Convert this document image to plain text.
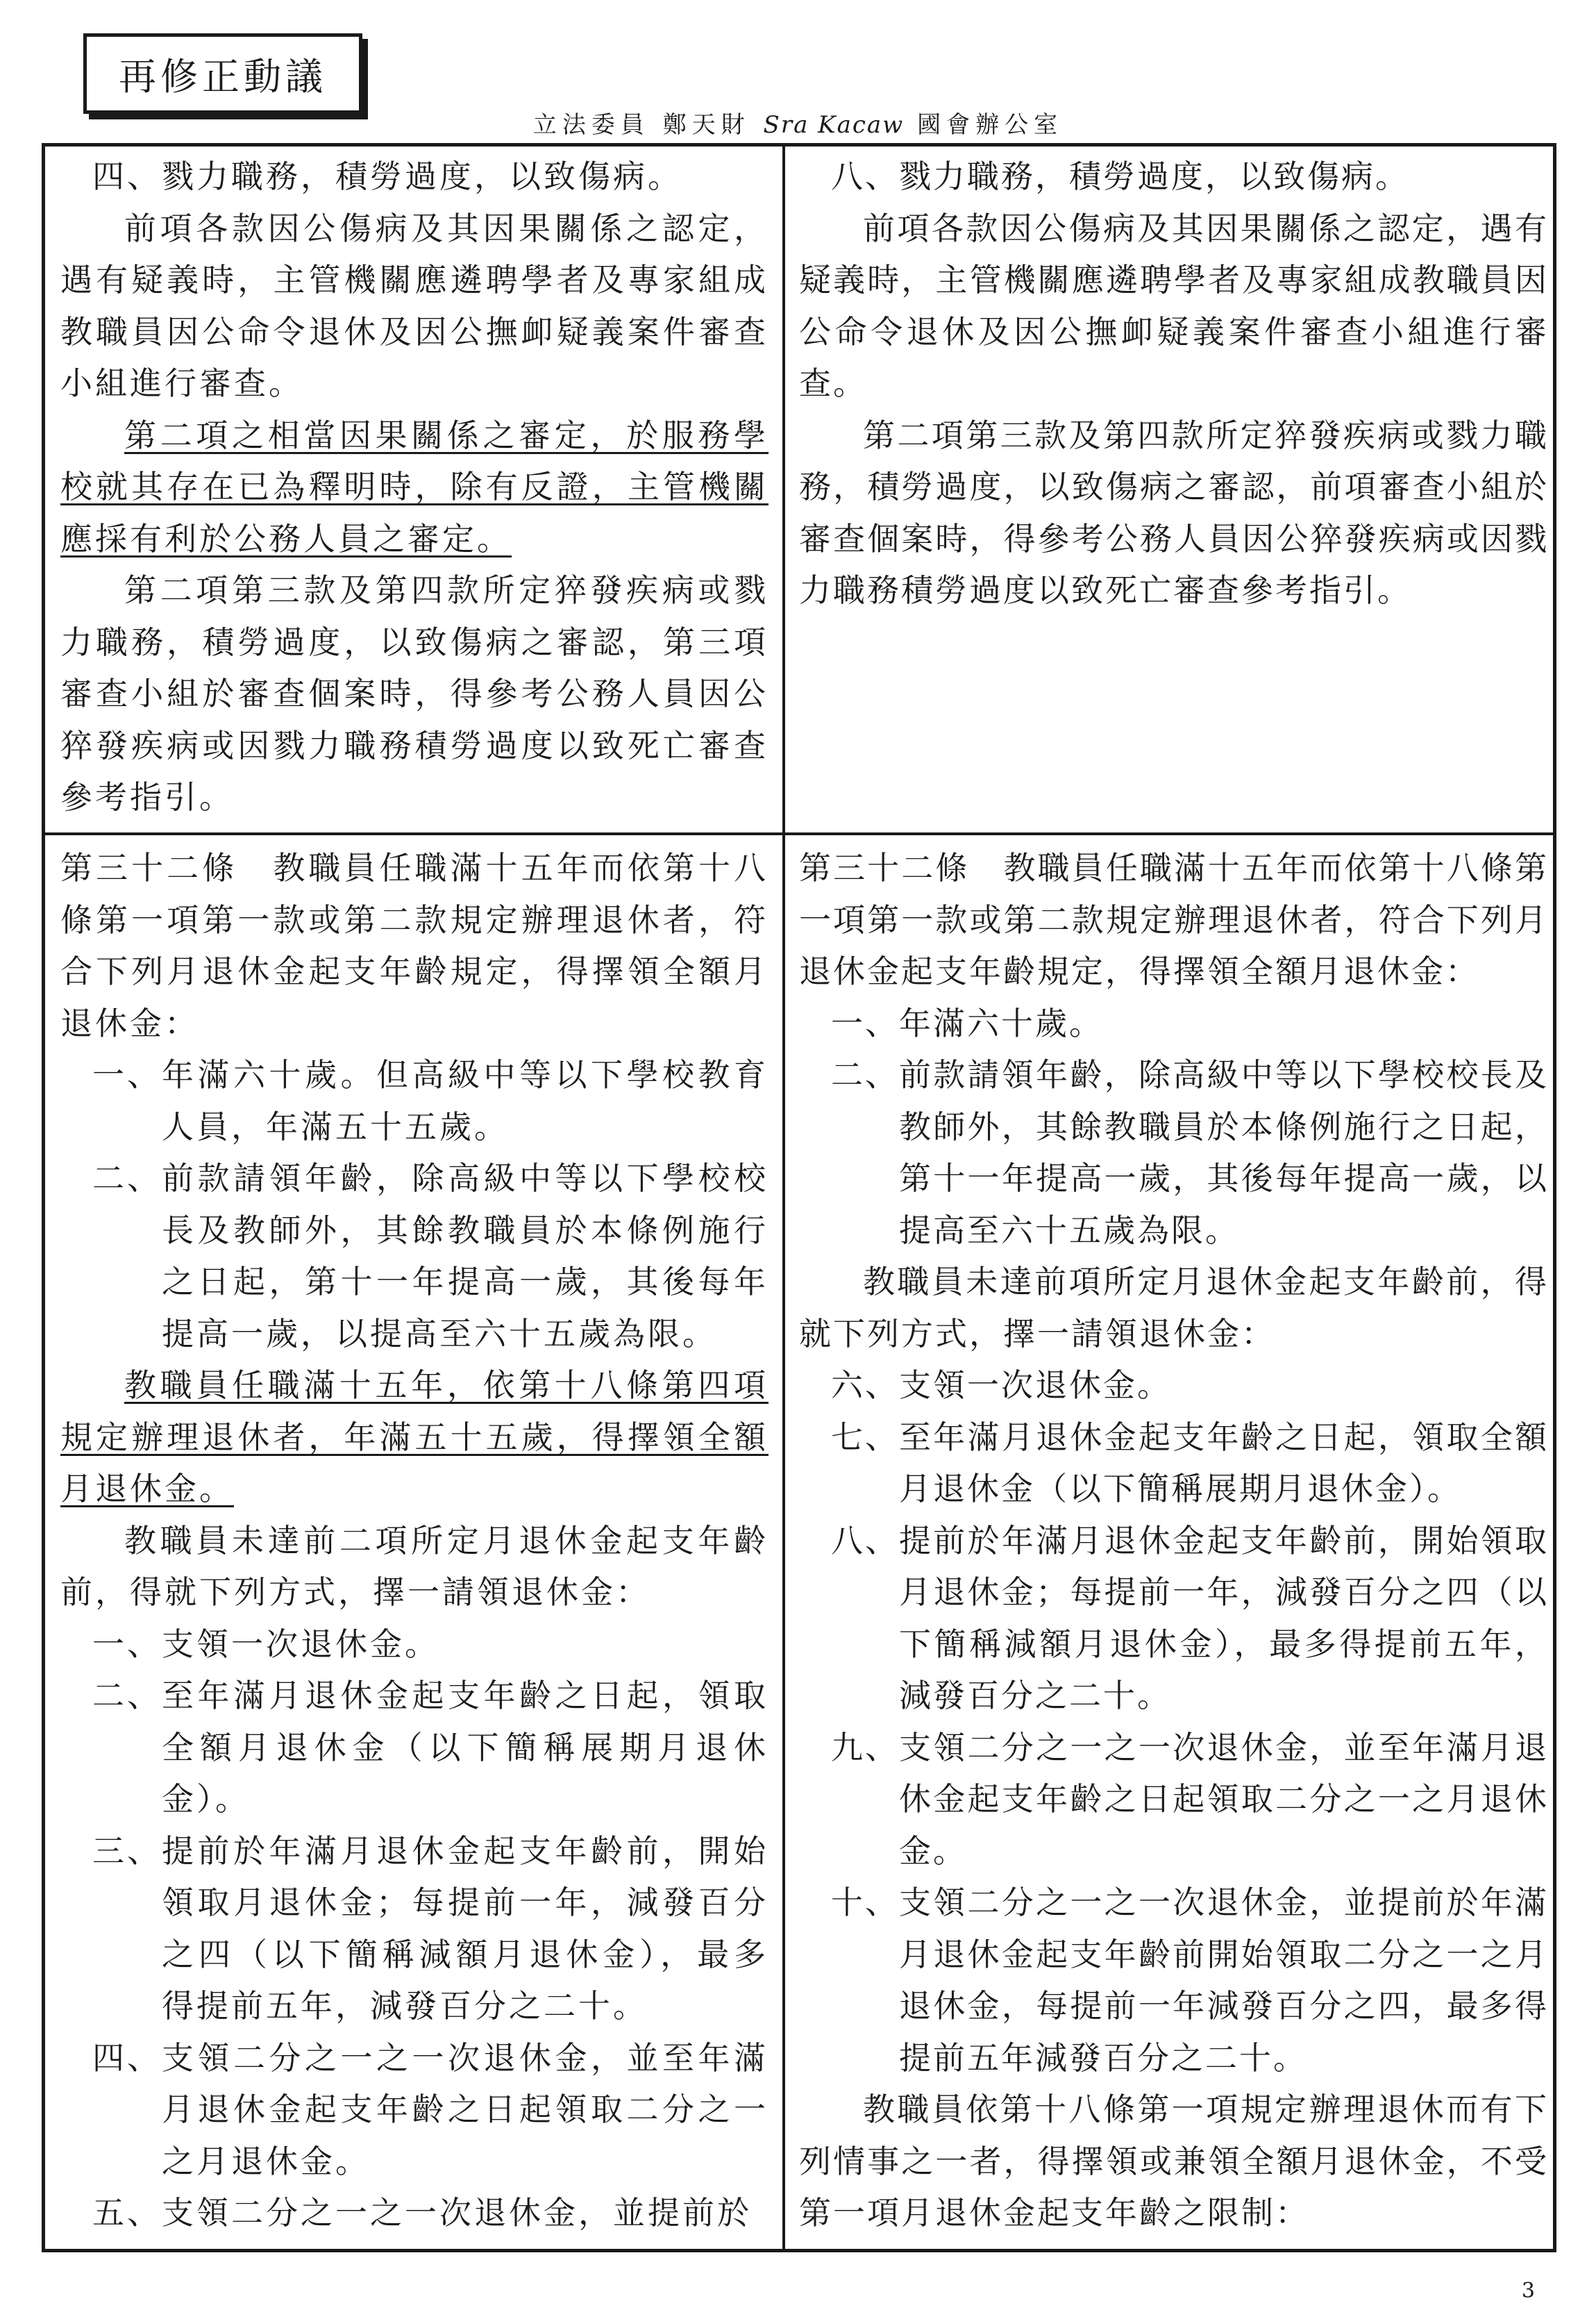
再修正動議
立法委員 鄭天財 Sra Kacaw 國會辦公室
四、 戮力職務，積勞過度，以致傷病。

前項各款因公傷病及其因果關係之認定，遇有疑義時，主管機關應遴聘學者及專家組成教職員因公命令退休及因公撫卹疑義案件審查小組進行審查。

第二項之相當因果關係之審定，於服務學校就其存在已為釋明時，除有反證，主管機關應採有利於公務人員之審定。

第二項第三款及第四款所定猝發疾病或戮力職務，積勞過度，以致傷病之審認，第三項審查小組於審查個案時，得參考公務人員因公猝發疾病或因戮力職務積勞過度以致死亡審查參考指引。

八、 戮力職務，積勞過度，以致傷病。

前項各款因公傷病及其因果關係之認定，遇有疑義時，主管機關應遴聘學者及專家組成教職員因公命令退休及因公撫卹疑義案件審查小組進行審查。

第二項第三款及第四款所定猝發疾病或戮力職務，積勞過度，以致傷病之審認，前項審查小組於審查個案時，得參考公務人員因公猝發疾病或因戮力職務積勞過度以致死亡審查參考指引。

第三十二條　教職員任職滿十五年而依第十八條第一項第一款或第二款規定辦理退休者，符合下列月退休金起支年齡規定，得擇領全額月退休金：

一、 年滿六十歲。但高級中等以下學校教育人員，年滿五十五歲。
二、 前款請領年齡，除高級中等以下學校校長及教師外，其餘教職員於本條例施行之日起，第十一年提高一歲，其後每年提高一歲，以提高至六十五歲為限。

教職員任職滿十五年，依第十八條第四項規定辦理退休者，年滿五十五歲，得擇領全額月退休金。

教職員未達前二項所定月退休金起支年齡前，得就下列方式，擇一請領退休金：

一、 支領一次退休金。
二、 至年滿月退休金起支年齡之日起，領取全額月退休金（以下簡稱展期月退休金）。
三、 提前於年滿月退休金起支年齡前，開始領取月退休金；每提前一年，減發百分之四（以下簡稱減額月退休金），最多得提前五年，減發百分之二十。
四、 支領二分之一之一次退休金，並至年滿月退休金起支年齡之日起領取二分之一之月退休金。
五、 支領二分之一之一次退休金，並提前於

第三十二條　教職員任職滿十五年而依第十八條第一項第一款或第二款規定辦理退休者，符合下列月退休金起支年齡規定，得擇領全額月退休金：

一、 年滿六十歲。
二、 前款請領年齡，除高級中等以下學校校長及教師外，其餘教職員於本條例施行之日起，第十一年提高一歲，其後每年提高一歲，以提高至六十五歲為限。

教職員未達前項所定月退休金起支年齡前，得就下列方式，擇一請領退休金：

六、 支領一次退休金。
七、 至年滿月退休金起支年齡之日起，領取全額月退休金（以下簡稱展期月退休金）。
八、 提前於年滿月退休金起支年齡前，開始領取月退休金；每提前一年，減發百分之四（以下簡稱減額月退休金），最多得提前五年，減發百分之二十。
九、 支領二分之一之一次退休金，並至年滿月退休金起支年齡之日起領取二分之一之月退休金。
十、 支領二分之一之一次退休金，並提前於年滿月退休金起支年齡前開始領取二分之一之月退休金，每提前一年減發百分之四，最多得提前五年減發百分之二十。

教職員依第十八條第一項規定辦理退休而有下列情事之一者，得擇領或兼領全額月退休金，不受第一項月退休金起支年齡之限制：

3
